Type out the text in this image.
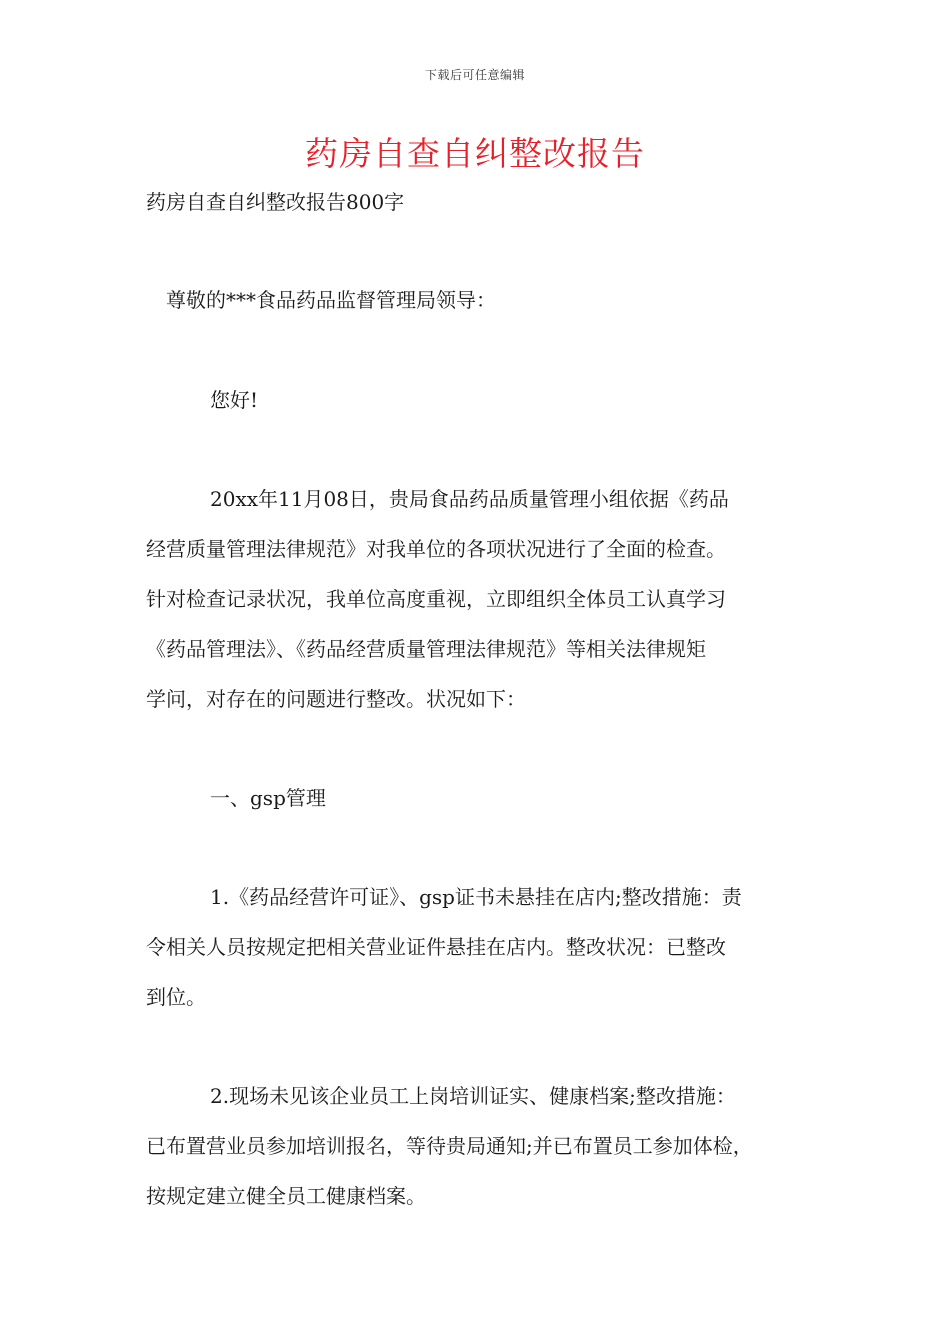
下载后可任意编辑
药房自查自纠整改报告
药房自查自纠整改报告800字
尊敬的***食品药品监督管理局领导：
您好!
20xx年11月08日，贵局食品药品质量管理小组依据《药品
经营质量管理法律规范》对我单位的各项状况进行了全面的检查。
针对检查记录状况，我单位高度重视，立即组织全体员工认真学习
《药品管理法》、《药品经营质量管理法律规范》等相关法律规矩
学问，对存在的问题进行整改。状况如下：
一、gsp管理
1.《药品经营许可证》、gsp证书未悬挂在店内;整改措施：责
令相关人员按规定把相关营业证件悬挂在店内。整改状况：已整改
到位。
2.现场未见该企业员工上岗培训证实、健康档案;整改措施：
已布置营业员参加培训报名，等待贵局通知;并已布置员工参加体检，
按规定建立健全员工健康档案。
